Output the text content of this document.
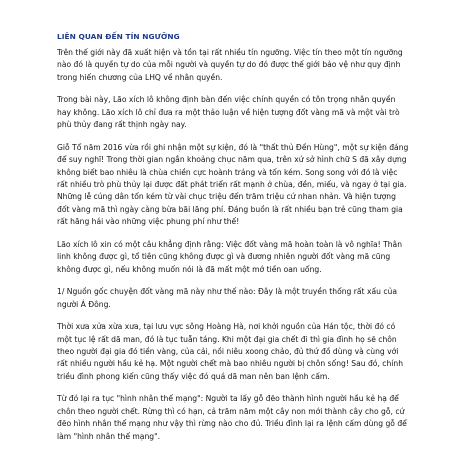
LIÊN QUAN ĐẾN TÍN NGƯỠNG

Trên thế giới này đã xuất hiện và tồn tại rất nhiều tín ngưỡng. Việc tín theo một tín ngưỡng nào đó là quyền tự do của mỗi người và quyền tự do đó được thế giới bảo vệ như quy định trong hiến chương của LHQ về nhân quyền.

Trong bài này, Lão xích lô không định bàn đến việc chính quyền có tôn trọng nhân quyền hay không. Lão xích lô chỉ đưa ra một thảo luận về hiện tượng đốt vàng mã và một vài trò phù thủy đang rất thịnh ngày nay.

Giỗ Tổ năm 2016 vừa rồi ghi nhận một sự kiện, đó là "thất thủ Đền Hùng", một sự kiện đáng để suy nghĩ! Trong thời gian ngắn khoảng chục năm qua, trên xứ sở hình chữ S đã xây dựng không biết bao nhiêu là chùa chiền cực hoành tráng và tốn kém. Song song với đó là việc rất nhiều trò phù thủy lại được đất phát triển rất mạnh ở chùa, đền, miếu, và ngay ở tại gia. Những lễ cúng dân tốn kém từ vài chục triệu đến trăm triệu cứ nhan nhản. Và hiện tượng đốt vàng mã thì ngày càng bừa bãi lãng phí. Đáng buồn là rất nhiều bạn trẻ cũng tham gia rất hăng hái vào những việc phung phí như thế!

Lão xích lô xin có một câu khẳng định rằng: Việc đốt vàng mã hoàn toàn là vô nghĩa! Thân linh không được gì, tổ tiên cũng không được gì và đương nhiên người đốt vàng mã cũng không được gì, nếu không muốn nói là đã mất một mớ tiền oan uổng.

1/ Nguồn gốc chuyện đốt vàng mã này như thế nào: Đây là một truyền thống rất xấu của người Á Đông.

Thời xưa xửa xừa xưa, tại lưu vực sông Hoàng Hà, nơi khởi nguồn của Hán tộc, thời đó có một tục lệ rất dã man, đó là tục tuẫn táng. Khi một đại gia chết đi thì gia đình họ sẽ chôn theo người đại gia đó tiền vàng, của cải, nồi niêu xoong chảo, đủ thứ đồ dùng và cùng với rất nhiều người hầu kẻ hạ. Một người chết mà bao nhiêu người bị chôn sống! Sau đó, chính triều đình phong kiến cũng thấy việc đó quá dã man nên ban lệnh cấm.

Từ đó lại ra tục "hình nhân thế mạng": Người ta lấy gỗ đẽo thành hình người hầu kẻ hạ để chôn theo người chết. Rừng thì có hạn, cả trăm năm một cây non mới thành cây cho gỗ, cứ đẽo hình nhân thế mạng như vậy thì rừng nào cho đủ. Triều đình lại ra lệnh cấm dùng gỗ để làm "hình nhân thế mạng".
